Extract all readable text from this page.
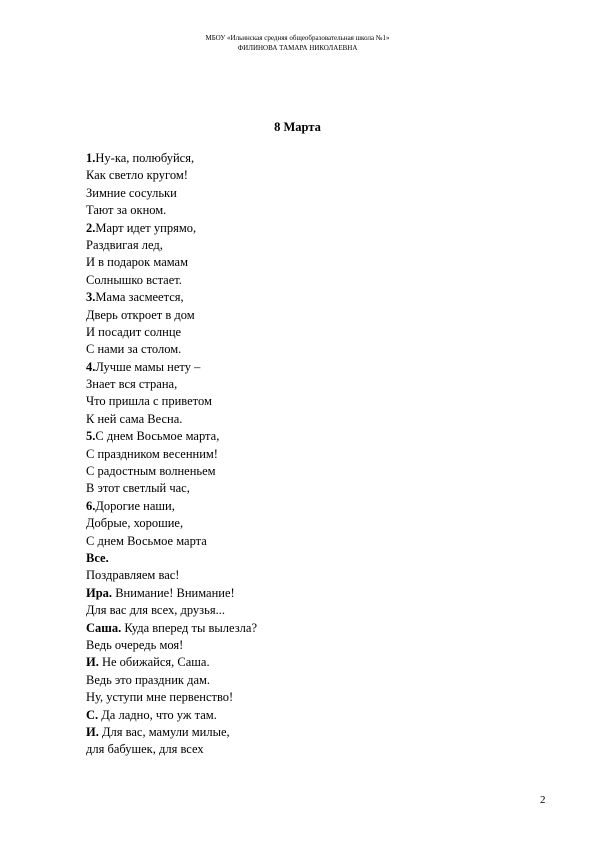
МБОУ «Ильинская средняя общеобразовательная школа №1»
ФИЛИНОВА ТАМАРА НИКОЛАЕВНА
8 Марта
1.Ну-ка, полюбуйся,
Как светло кругом!
Зимние сосульки
Тают за окном.
2.Март идет упрямо,
Раздвигая лед,
И в подарок мамам
Солнышко встает.
3.Мама засмеется,
Дверь откроет в дом
И посадит солнце
С нами за столом.
4.Лучше мамы нету –
Знает вся страна,
Что пришла с приветом
К ней сама Весна.
5.С днем Восьмое марта,
С праздником весенним!
С радостным волненьем
В этот светлый час,
6.Дорогие наши,
Добрые, хорошие,
С днем Восьмое марта
Все.
Поздравляем вас!
Ира. Внимание! Внимание!
Для вас для всех, друзья...
Саша. Куда вперед ты вылезла?
Ведь очередь моя!
И. Не обижайся, Саша.
Ведь это праздник дам.
Ну, уступи мне первенство!
С. Да ладно, что уж там.
И. Для вас, мамули милые,
для бабушек, для всех
2
